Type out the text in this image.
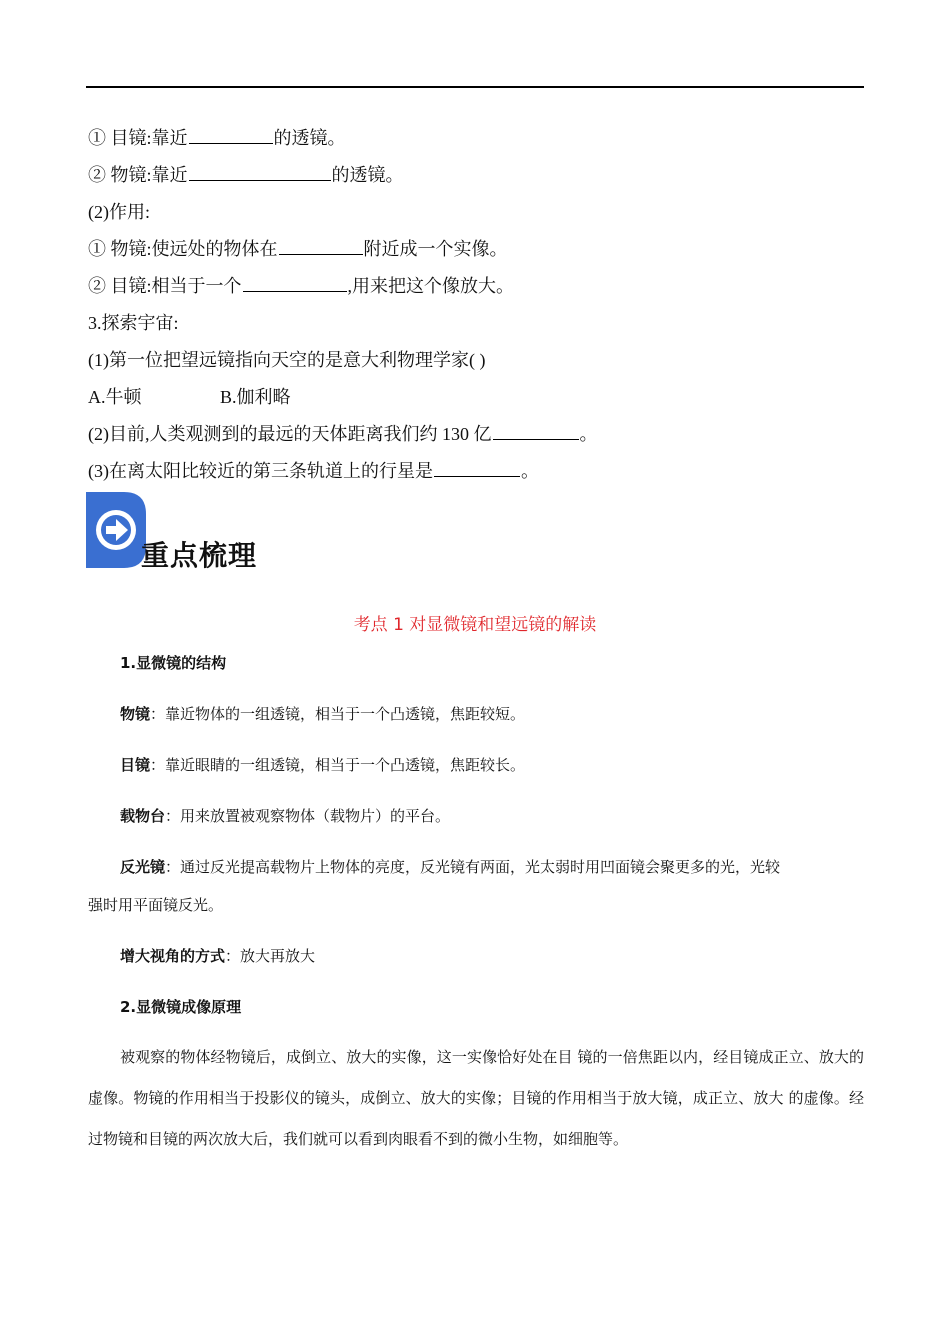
① 目镜:靠近	的透镜。
② 物镜:靠近	的透镜。
(2)作用:
① 物镜:使远处的物体在	附近成一个实像。
② 目镜:相当于一个	,用来把这个像放大。
3.探索宇宙:
(1)第一位把望远镜指向天空的是意大利物理学家( )
A.牛顿	B.伽利略
(2)目前,人类观测到的最远的天体距离我们约 130 亿	。
(3)在离太阳比较近的第三条轨道上的行星是	。
重点梳理
考点 1 对显微镜和望远镜的解读
1.显微镜的结构
物镜：靠近物体的一组透镜，相当于一个凸透镜，焦距较短。
目镜：靠近眼睛的一组透镜，相当于一个凸透镜，焦距较长。
载物台：用来放置被观察物体（载物片）的平台。
反光镜：通过反光提高载物片上物体的亮度，反光镜有两面，光太弱时用凹面镜会聚更多的光，光较
强时用平面镜反光。
增大视角的方式：放大再放大
2.显微镜成像原理

被观察的物体经物镜后，成倒立、放大的实像，这一实像恰好处在目 镜的一倍焦距以内，经目镜成正立、放大的虚像。物镜的作用相当于投影仪的镜头，成倒立、放大的实像；目镜的作用相当于放大镜，成正立、放大 的虚像。经过物镜和目镜的两次放大后，我们就可以看到肉眼看不到的微小生物，如细胞等。
